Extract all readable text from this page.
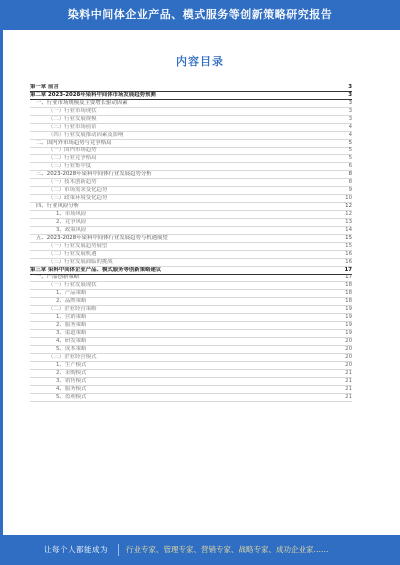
染料中间体企业产品、模式服务等创新策略研究报告
内容目录
第一章 前言	3
第二章 2023-2028年染料中间体市场发展趋势预测	3
一、行业市场规模及主要增长驱动因素	3
（一）行业市场现状	3
（二）行业发展规模	3
（三）行业市场前景	4
（四）行业发展推动因素及影响	4
二、国内外市场趋势与竞争格局	5
（一）国内市场趋势	5
（二）行业竞争格局	5
（三）行业集中度	6
三、2023-2028年染料中间体行业发展趋势分析	8
（一）技术创新趋势	8
（二）市场需求变化趋势	9
（三）政策环境变化趋势	10
四、行业风险分析	12
1、市场风险	12
2、竞争风险	13
3、政策风险	14
五、2023-2028年染料中间体行业发展趋势与机遇展望	15
（一）行业发展趋势展望	15
（二）行业发展机遇	16
（三）行业发展面临的挑战	16
第三章 染料中间体企业产品、模式服务等创新策略建议	17
一、产品创新策略	17
（一）行业发展现状	18
1、产品策略	18
2、品牌策略	18
（二）企业经营策略	19
1、营销策略	19
2、服务策略	19
3、渠道策略	19
4、研发策略	20
5、成本策略	20
（三）企业经营模式	20
1、生产模式	20
2、采购模式	21
3、销售模式	21
4、服务模式	21
5、盈利模式	21
让每个人都能成为 行业专家、管理专家、营销专家、战略专家、成功企业家……
